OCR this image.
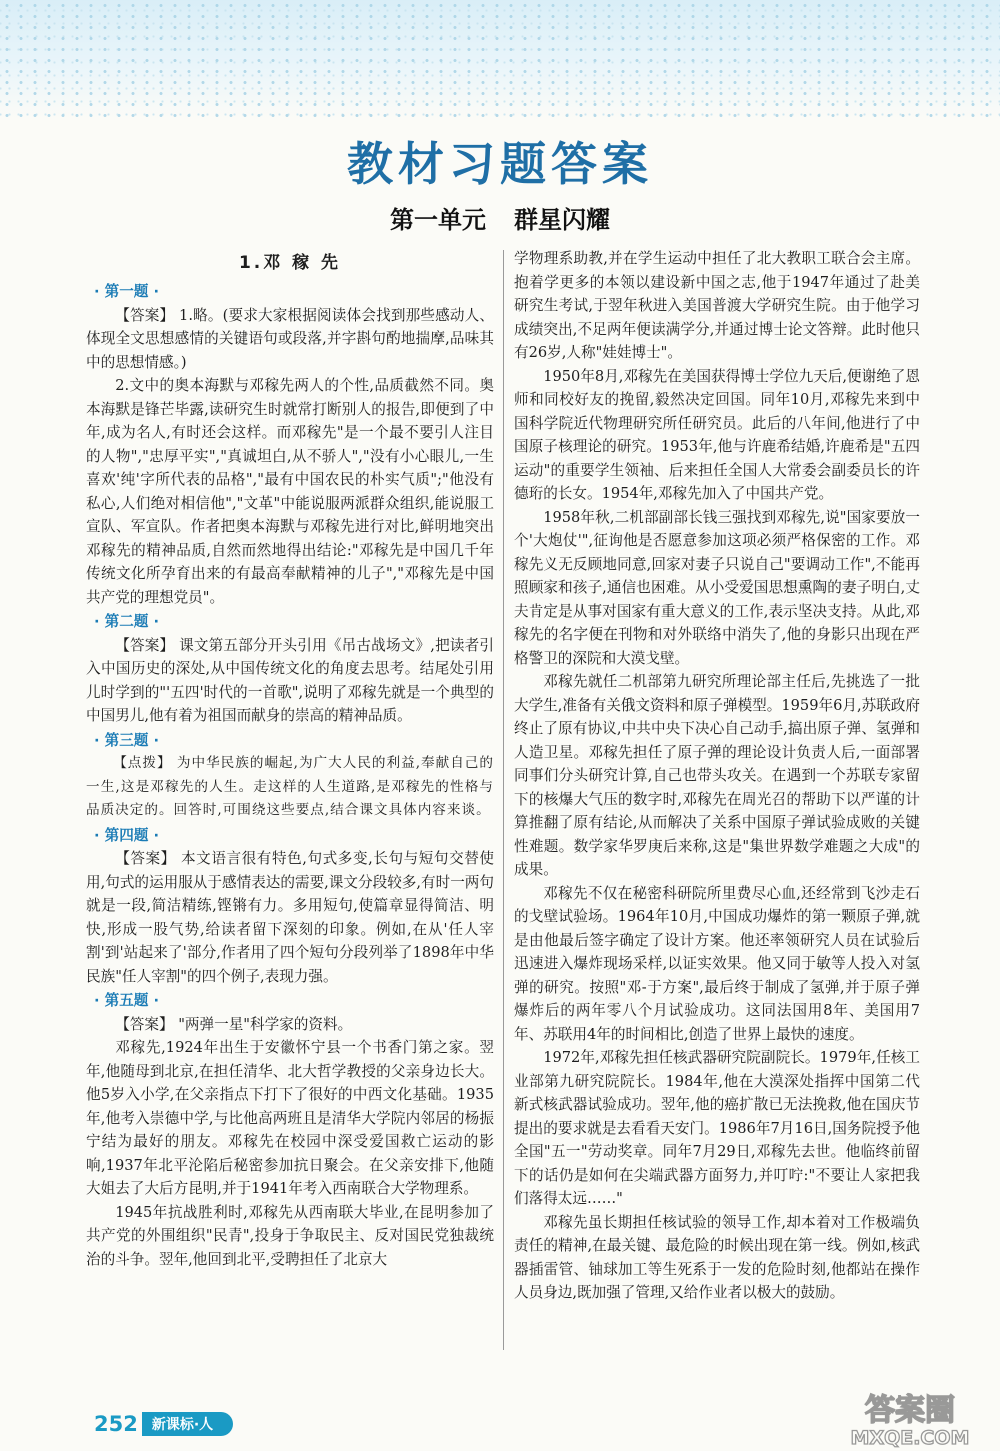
教材习题答案
第一单元 群星闪耀
1.邓 稼 先
· 第一题 ·
【答案】 1.略。(要求大家根据阅读体会找到那些感动人、体现全文思想感情的关键语句或段落,并字斟句酌地揣摩,品味其中的思想情感。)
2.文中的奥本海默与邓稼先两人的个性,品质截然不同。奥本海默是锋芒毕露,读研究生时就常打断别人的报告,即便到了中年,成为名人,有时还会这样。而邓稼先"是一个最不要引人注目的人物","忠厚平实","真诚坦白,从不骄人","没有小心眼儿,一生喜欢'纯'字所代表的品格","最有中国农民的朴实气质";"他没有私心,人们绝对相信他","文革"中能说服两派群众组织,能说服工宣队、军宣队。作者把奥本海默与邓稼先进行对比,鲜明地突出邓稼先的精神品质,自然而然地得出结论:"邓稼先是中国几千年传统文化所孕育出来的有最高奉献精神的儿子","邓稼先是中国共产党的理想党员"。
· 第二题 ·
【答案】 课文第五部分开头引用《吊古战场文》,把读者引入中国历史的深处,从中国传统文化的角度去思考。结尾处引用儿时学到的"'五四'时代的一首歌",说明了邓稼先就是一个典型的中国男儿,他有着为祖国而献身的崇高的精神品质。
· 第三题 ·
【点拨】 为中华民族的崛起,为广大人民的利益,奉献自己的一生,这是邓稼先的人生。走这样的人生道路,是邓稼先的性格与品质决定的。回答时,可围绕这些要点,结合课文具体内容来谈。
· 第四题 ·
【答案】 本文语言很有特色,句式多变,长句与短句交替使用,句式的运用服从于感情表达的需要,课文分段较多,有时一两句就是一段,简洁精练,铿锵有力。多用短句,使篇章显得简洁、明快,形成一股气势,给读者留下深刻的印象。例如,在从'任人宰割'到'站起来了'部分,作者用了四个短句分段列举了1898年中华民族"任人宰割"的四个例子,表现力强。
· 第五题 ·
【答案】 "两弹一星"科学家的资料。
邓稼先,1924年出生于安徽怀宁县一个书香门第之家。翌年,他随母到北京,在担任清华、北大哲学教授的父亲身边长大。他5岁入小学,在父亲指点下打下了很好的中西文化基础。1935年,他考入崇德中学,与比他高两班且是清华大学院内邻居的杨振宁结为最好的朋友。邓稼先在校园中深受爱国救亡运动的影响,1937年北平沦陷后秘密参加抗日聚会。在父亲安排下,他随大姐去了大后方昆明,并于1941年考入西南联合大学物理系。
1945年抗战胜利时,邓稼先从西南联大毕业,在昆明参加了共产党的外围组织"民青",投身于争取民主、反对国民党独裁统治的斗争。翌年,他回到北平,受聘担任了北京大
学物理系助教,并在学生运动中担任了北大教职工联合会主席。抱着学更多的本领以建设新中国之志,他于1947年通过了赴美研究生考试,于翌年秋进入美国普渡大学研究生院。由于他学习成绩突出,不足两年便读满学分,并通过博士论文答辩。此时他只有26岁,人称"娃娃博士"。
1950年8月,邓稼先在美国获得博士学位九天后,便谢绝了恩师和同校好友的挽留,毅然决定回国。同年10月,邓稼先来到中国科学院近代物理研究所任研究员。此后的八年间,他进行了中国原子核理论的研究。1953年,他与许鹿希结婚,许鹿希是"五四运动"的重要学生领袖、后来担任全国人大常委会副委员长的许德珩的长女。1954年,邓稼先加入了中国共产党。
1958年秋,二机部副部长钱三强找到邓稼先,说"国家要放一个'大炮仗'",征询他是否愿意参加这项必须严格保密的工作。邓稼先义无反顾地同意,回家对妻子只说自己"要调动工作",不能再照顾家和孩子,通信也困难。从小受爱国思想熏陶的妻子明白,丈夫肯定是从事对国家有重大意义的工作,表示坚决支持。从此,邓稼先的名字便在刊物和对外联络中消失了,他的身影只出现在严格警卫的深院和大漠戈壁。
邓稼先就任二机部第九研究所理论部主任后,先挑选了一批大学生,准备有关俄文资料和原子弹模型。1959年6月,苏联政府终止了原有协议,中共中央下决心自己动手,搞出原子弹、氢弹和人造卫星。邓稼先担任了原子弹的理论设计负责人后,一面部署同事们分头研究计算,自己也带头攻关。在遇到一个苏联专家留下的核爆大气压的数字时,邓稼先在周光召的帮助下以严谨的计算推翻了原有结论,从而解决了关系中国原子弹试验成败的关键性难题。数学家华罗庚后来称,这是"集世界数学难题之大成"的成果。
邓稼先不仅在秘密科研院所里费尽心血,还经常到飞沙走石的戈壁试验场。1964年10月,中国成功爆炸的第一颗原子弹,就是由他最后签字确定了设计方案。他还率领研究人员在试验后迅速进入爆炸现场采样,以证实效果。他又同于敏等人投入对氢弹的研究。按照"邓-于方案",最后终于制成了氢弹,并于原子弹爆炸后的两年零八个月试验成功。这同法国用8年、美国用7年、苏联用4年的时间相比,创造了世界上最快的速度。
1972年,邓稼先担任核武器研究院副院长。1979年,任核工业部第九研究院院长。1984年,他在大漠深处指挥中国第二代新式核武器试验成功。翌年,他的癌扩散已无法挽救,他在国庆节提出的要求就是去看看天安门。1986年7月16日,国务院授予他全国"五一"劳动奖章。同年7月29日,邓稼先去世。他临终前留下的话仍是如何在尖端武器方面努力,并叮咛:"不要让人家把我们落得太远……"
邓稼先虽长期担任核试验的领导工作,却本着对工作极端负责任的精神,在最关键、最危险的时候出现在第一线。例如,核武器插雷管、铀球加工等生死系于一发的危险时刻,他都站在操作人员身边,既加强了管理,又给作业者以极大的鼓励。
252	新课标·人	答案圈
MXQE.COM
